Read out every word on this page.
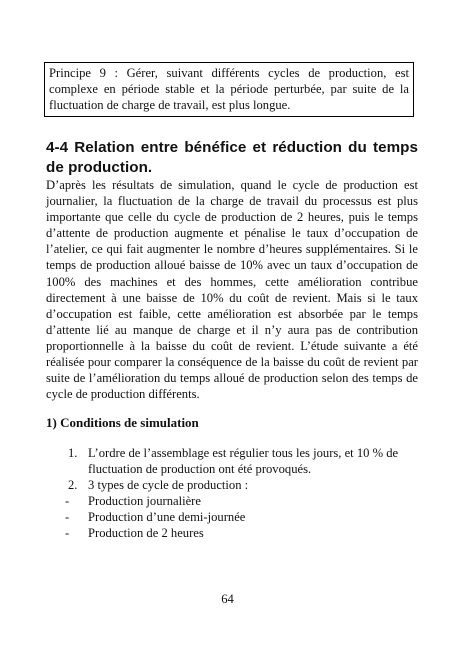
Principe 9 : Gérer, suivant différents cycles de production, est complexe en période stable et la période perturbée, par suite de la fluctuation de charge de travail, est plus longue.
4-4 Relation entre bénéfice et réduction du temps de production.

D’après les résultats de simulation, quand le cycle de production est journalier, la fluctuation de la charge de travail du processus est plus importante que celle du cycle de production de 2 heures, puis le temps d’attente de production augmente et pénalise le taux d’occupation de l’atelier, ce qui fait augmenter le nombre d’heures supplémentaires. Si le temps de production alloué baisse de 10% avec un taux d’occupation de 100% des machines et des hommes, cette amélioration contribue directement à une baisse de 10% du coût de revient. Mais si le taux d’occupation est faible, cette amélioration est absorbée par le temps d’attente lié au manque de charge et il n’y aura pas de contribution proportionnelle à la baisse du coût de revient. L’étude suivante a été réalisée pour comparer la conséquence de la baisse du coût de revient par suite de l’amélioration du temps alloué de production selon des temps de cycle de production différents.

1) Conditions de simulation
1. L’ordre de l’assemblage est régulier tous les jours, et 10 % de fluctuation de production ont été provoqués.
2. 3 types de cycle de production :
- Production journalière
- Production d’une demi-journée
- Production de 2 heures
64
